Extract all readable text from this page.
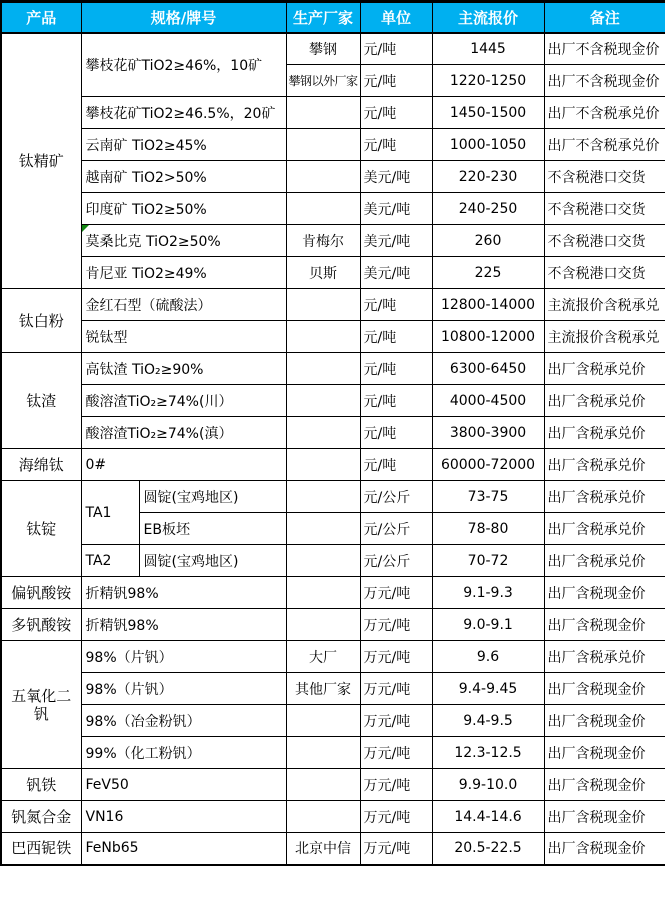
产品	规格/牌号		生产厂家	单位	主流报价	备注
钛精矿	攀枝花矿TiO2≥46%，10矿		攀钢	元/吨	1445	出厂不含税现金价
			攀钢以外厂家	元/吨	1220-1250	出厂不含税现金价
	攀枝花矿TiO2≥46.5%，20矿			元/吨	1450-1500	出厂不含税承兑价
	云南矿 TiO2≥45%			元/吨	1000-1050	出厂不含税承兑价
	越南矿 TiO2>50%			美元/吨	220-230	不含税港口交货
	印度矿 TiO2≥50%			美元/吨	240-250	不含税港口交货
	莫桑比克 TiO2≥50%		肯梅尔	美元/吨	260	不含税港口交货
	肯尼亚 TiO2≥49%		贝斯	美元/吨	225	不含税港口交货
钛白粉	金红石型（硫酸法）			元/吨	12800-14000	主流报价含税承兑
	锐钛型			元/吨	10800-12000	主流报价含税承兑
钛渣	高钛渣 TiO₂≥90%			元/吨	6300-6450	出厂含税承兑价
	酸溶渣TiO₂≥74%(川）			元/吨	4000-4500	出厂含税承兑价
	酸溶渣TiO₂≥74%(滇）			元/吨	3800-3900	出厂含税承兑价
海绵钛	0#			元/吨	60000-72000	出厂含税承兑价
钛锭	TA1	圆锭(宝鸡地区)		元/公斤	73-75	出厂含税承兑价
		EB板坯		元/公斤	78-80	出厂含税承兑价
	TA2	圆锭(宝鸡地区)		元/公斤	70-72	出厂含税承兑价
偏钒酸铵	折精钒98%			万元/吨	9.1-9.3	出厂含税现金价
多钒酸铵	折精钒98%			万元/吨	9.0-9.1	出厂含税现金价
五氧化二钒	98%（片钒）		大厂	万元/吨	9.6	出厂含税承兑价
	98%（片钒）		其他厂家	万元/吨	9.4-9.45	出厂含税现金价
	98%（冶金粉钒）			万元/吨	9.4-9.5	出厂含税现金价
	99%（化工粉钒）			万元/吨	12.3-12.5	出厂含税现金价
钒铁	FeV50			万元/吨	9.9-10.0	出厂含税现金价
钒氮合金	VN16			万元/吨	14.4-14.6	出厂含税现金价
巴西铌铁	FeNb65		北京中信	万元/吨	20.5-22.5	出厂含税现金价
